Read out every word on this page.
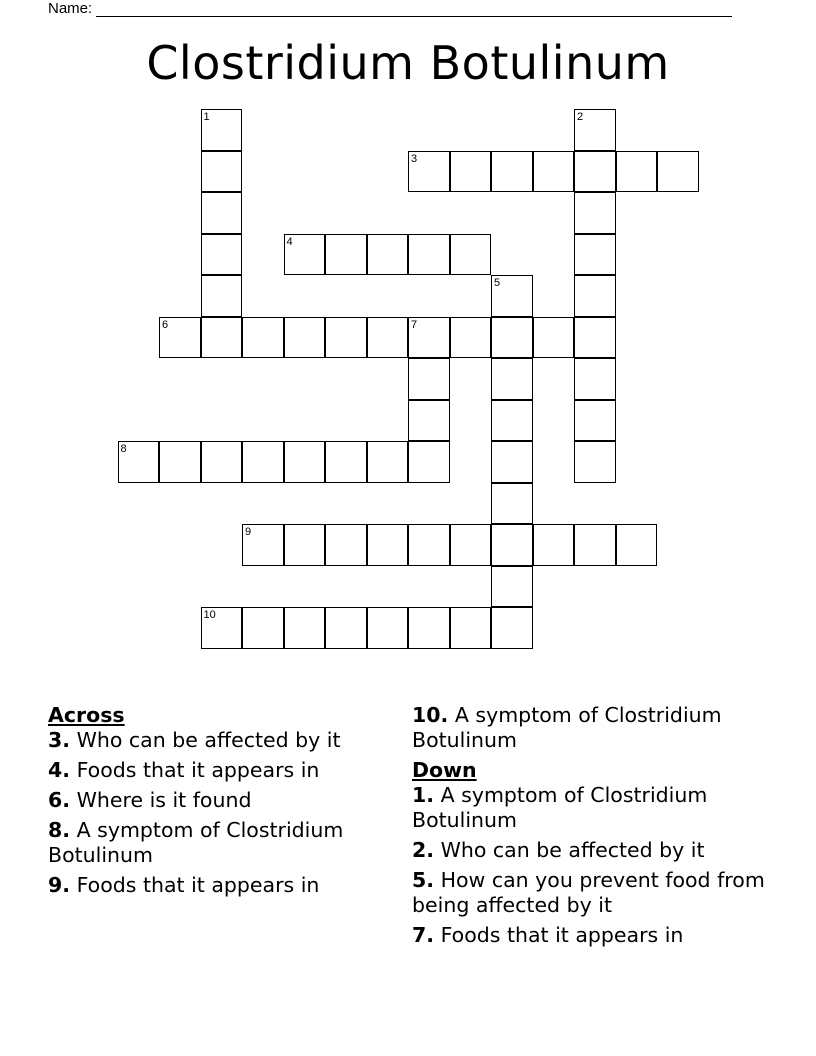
Name:
Clostridium Botulinum
1	2
3
4
5
6	7
8
9
10
Across
3. Who can be affected by it
4. Foods that it appears in
6. Where is it found
8. A symptom of Clostridium Botulinum
9. Foods that it appears in
10. A symptom of Clostridium Botulinum
Down
1. A symptom of Clostridium Botulinum
2. Who can be affected by it
5. How can you prevent food from being affected by it
7. Foods that it appears in
